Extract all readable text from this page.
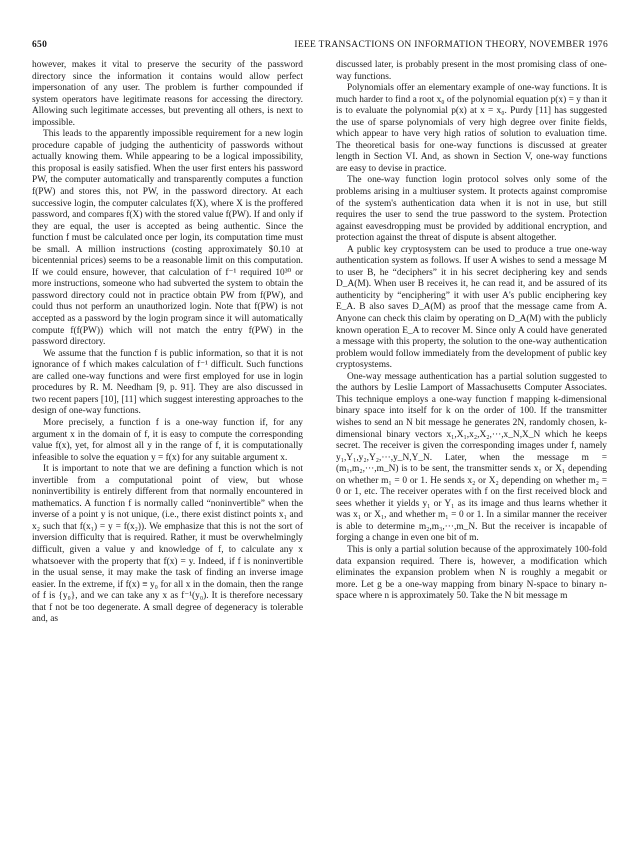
650	IEEE TRANSACTIONS ON INFORMATION THEORY, NOVEMBER 1976

however, makes it vital to preserve the security of the password directory since the information it contains would allow perfect impersonation of any user. The problem is further compounded if system operators have legitimate reasons for accessing the directory. Allowing such legitimate accesses, but preventing all others, is next to impossible.

This leads to the apparently impossible requirement for a new login procedure capable of judging the authenticity of passwords without actually knowing them. While appearing to be a logical impossibility, this proposal is easily satisfied. When the user first enters his password PW, the computer automatically and transparently computes a function f(PW) and stores this, not PW, in the password directory. At each successive login, the computer calculates f(X), where X is the proffered password, and compares f(X) with the stored value f(PW). If and only if they are equal, the user is accepted as being authentic. Since the function f must be calculated once per login, its computation time must be small. A million instructions (costing approximately $0.10 at bicentennial prices) seems to be a reasonable limit on this computation. If we could ensure, however, that calculation of f⁻¹ required 10³⁰ or more instructions, someone who had subverted the system to obtain the password directory could not in practice obtain PW from f(PW), and could thus not perform an unauthorized login. Note that f(PW) is not accepted as a password by the login program since it will automatically compute f(f(PW)) which will not match the entry f(PW) in the password directory.

We assume that the function f is public information, so that it is not ignorance of f which makes calculation of f⁻¹ difficult. Such functions are called one-way functions and were first employed for use in login procedures by R. M. Needham [9, p. 91]. They are also discussed in two recent papers [10], [11] which suggest interesting approaches to the design of one-way functions.

More precisely, a function f is a one-way function if, for any argument x in the domain of f, it is easy to compute the corresponding value f(x), yet, for almost all y in the range of f, it is computationally infeasible to solve the equation y = f(x) for any suitable argument x.

It is important to note that we are defining a function which is not invertible from a computational point of view, but whose noninvertibility is entirely different from that normally encountered in mathematics. A function f is normally called “noninvertible” when the inverse of a point y is not unique, (i.e., there exist distinct points x₁ and x₂ such that f(x₁) = y = f(x₂)). We emphasize that this is not the sort of inversion difficulty that is required. Rather, it must be overwhelmingly difficult, given a value y and knowledge of f, to calculate any x whatsoever with the property that f(x) = y. Indeed, if f is noninvertible in the usual sense, it may make the task of finding an inverse image easier. In the extreme, if f(x) ≡ y₀ for all x in the domain, then the range of f is {y₀}, and we can take any x as f⁻¹(y₀). It is therefore necessary that f not be too degenerate. A small degree of degeneracy is tolerable and, as

discussed later, is probably present in the most promising class of one-way functions.

Polynomials offer an elementary example of one-way functions. It is much harder to find a root x₀ of the polynomial equation p(x) = y than it is to evaluate the polynomial p(x) at x = x₀. Purdy [11] has suggested the use of sparse polynomials of very high degree over finite fields, which appear to have very high ratios of solution to evaluation time. The theoretical basis for one-way functions is discussed at greater length in Section VI. And, as shown in Section V, one-way functions are easy to devise in practice.

The one-way function login protocol solves only some of the problems arising in a multiuser system. It protects against compromise of the system's authentication data when it is not in use, but still requires the user to send the true password to the system. Protection against eavesdropping must be provided by additional encryption, and protection against the threat of dispute is absent altogether.

A public key cryptosystem can be used to produce a true one-way authentication system as follows. If user A wishes to send a message M to user B, he “deciphers” it in his secret deciphering key and sends D_A(M). When user B receives it, he can read it, and be assured of its authenticity by “enciphering” it with user A's public enciphering key E_A. B also saves D_A(M) as proof that the message came from A. Anyone can check this claim by operating on D_A(M) with the publicly known operation E_A to recover M. Since only A could have generated a message with this property, the solution to the one-way authentication problem would follow immediately from the development of public key cryptosystems.

One-way message authentication has a partial solution suggested to the authors by Leslie Lamport of Massachusetts Computer Associates. This technique employs a one-way function f mapping k-dimensional binary space into itself for k on the order of 100. If the transmitter wishes to send an N bit message he generates 2N, randomly chosen, k-dimensional binary vectors x₁,X₁,x₂,X₂,···,x_N,X_N which he keeps secret. The receiver is given the corresponding images under f, namely y₁,Y₁,y₂,Y₂,···,y_N,Y_N. Later, when the message m = (m₁,m₂,···,m_N) is to be sent, the transmitter sends x₁ or X₁ depending on whether m₁ = 0 or 1. He sends x₂ or X₂ depending on whether m₂ = 0 or 1, etc. The receiver operates with f on the first received block and sees whether it yields y₁ or Y₁ as its image and thus learns whether it was x₁ or X₁, and whether m₁ = 0 or 1. In a similar manner the receiver is able to determine m₂,m₃,···,m_N. But the receiver is incapable of forging a change in even one bit of m.

This is only a partial solution because of the approximately 100-fold data expansion required. There is, however, a modification which eliminates the expansion problem when N is roughly a megabit or more. Let g be a one-way mapping from binary N-space to binary n-space where n is approximately 50. Take the N bit message m
